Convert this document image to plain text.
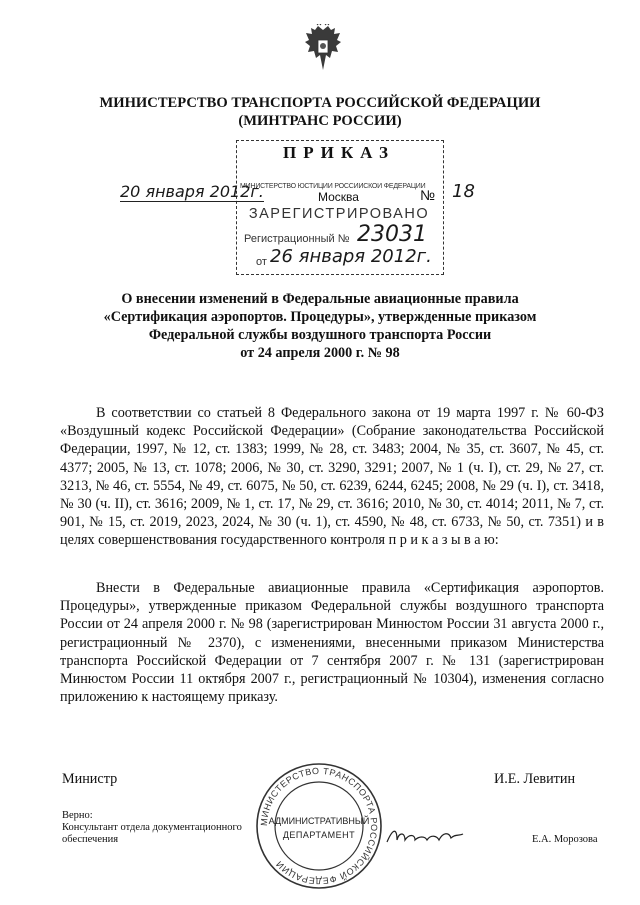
МИНИСТЕРСТВО ТРАНСПОРТА РОССИЙСКОЙ ФЕДЕРАЦИИ
(МИНТРАНС РОССИИ)
ПРИКАЗ
МИНИСТЕРСТВО ЮСТИЦИИ РОССИЙСКОЙ ФЕДЕРАЦИИ
Москва
ЗАРЕГИСТРИРОВАНО
Регистрационный № 23031
от 26 января 2012г.
20 января 2012г.	№ 18
О внесении изменений в Федеральные авиационные правила
«Сертификация аэропортов. Процедуры», утвержденные приказом
Федеральной службы воздушного транспорта России
от 24 апреля 2000 г. № 98
В соответствии со статьей 8 Федерального закона от 19 марта 1997 г. № 60-ФЗ «Воздушный кодекс Российской Федерации» (Собрание законодательства Российской Федерации, 1997, № 12, ст. 1383; 1999, № 28, ст. 3483; 2004, № 35, ст. 3607, № 45, ст. 4377; 2005, № 13, ст. 1078; 2006, № 30, ст. 3290, 3291; 2007, № 1 (ч. I), ст. 29, № 27, ст. 3213, № 46, ст. 5554, № 49, ст. 6075, № 50, ст. 6239, 6244, 6245; 2008, № 29 (ч. I), ст. 3418, № 30 (ч. II), ст. 3616; 2009, № 1, ст. 17, № 29, ст. 3616; 2010, № 30, ст. 4014; 2011, № 7, ст. 901, № 15, ст. 2019, 2023, 2024, № 30 (ч. 1), ст. 4590, № 48, ст. 6733, № 50, ст. 7351) и в целях совершенствования государственного контроля п р и к а з ы в а ю:
Внести в Федеральные авиационные правила «Сертификация аэропортов. Процедуры», утвержденные приказом Федеральной службы воздушного транспорта России от 24 апреля 2000 г. № 98 (зарегистрирован Минюстом России 31 августа 2000 г., регистрационный № 2370), с изменениями, внесенными приказом Министерства транспорта Российской Федерации от 7 сентября 2007 г. № 131 (зарегистрирован Минюстом России 11 октября 2007 г., регистрационный № 10304), изменения согласно приложению к настоящему приказу.
Министр	И.Е. Левитин
Верно:
Консультант отдела документационного
обеспечения	Е.А. Морозова
МИНИСТЕРСТВО ТРАНСПОРТА РОССИЙСКОЙ ФЕДЕРАЦИИ
АДМИНИСТРАТИВНЫЙ
ДЕПАРТАМЕНТ
